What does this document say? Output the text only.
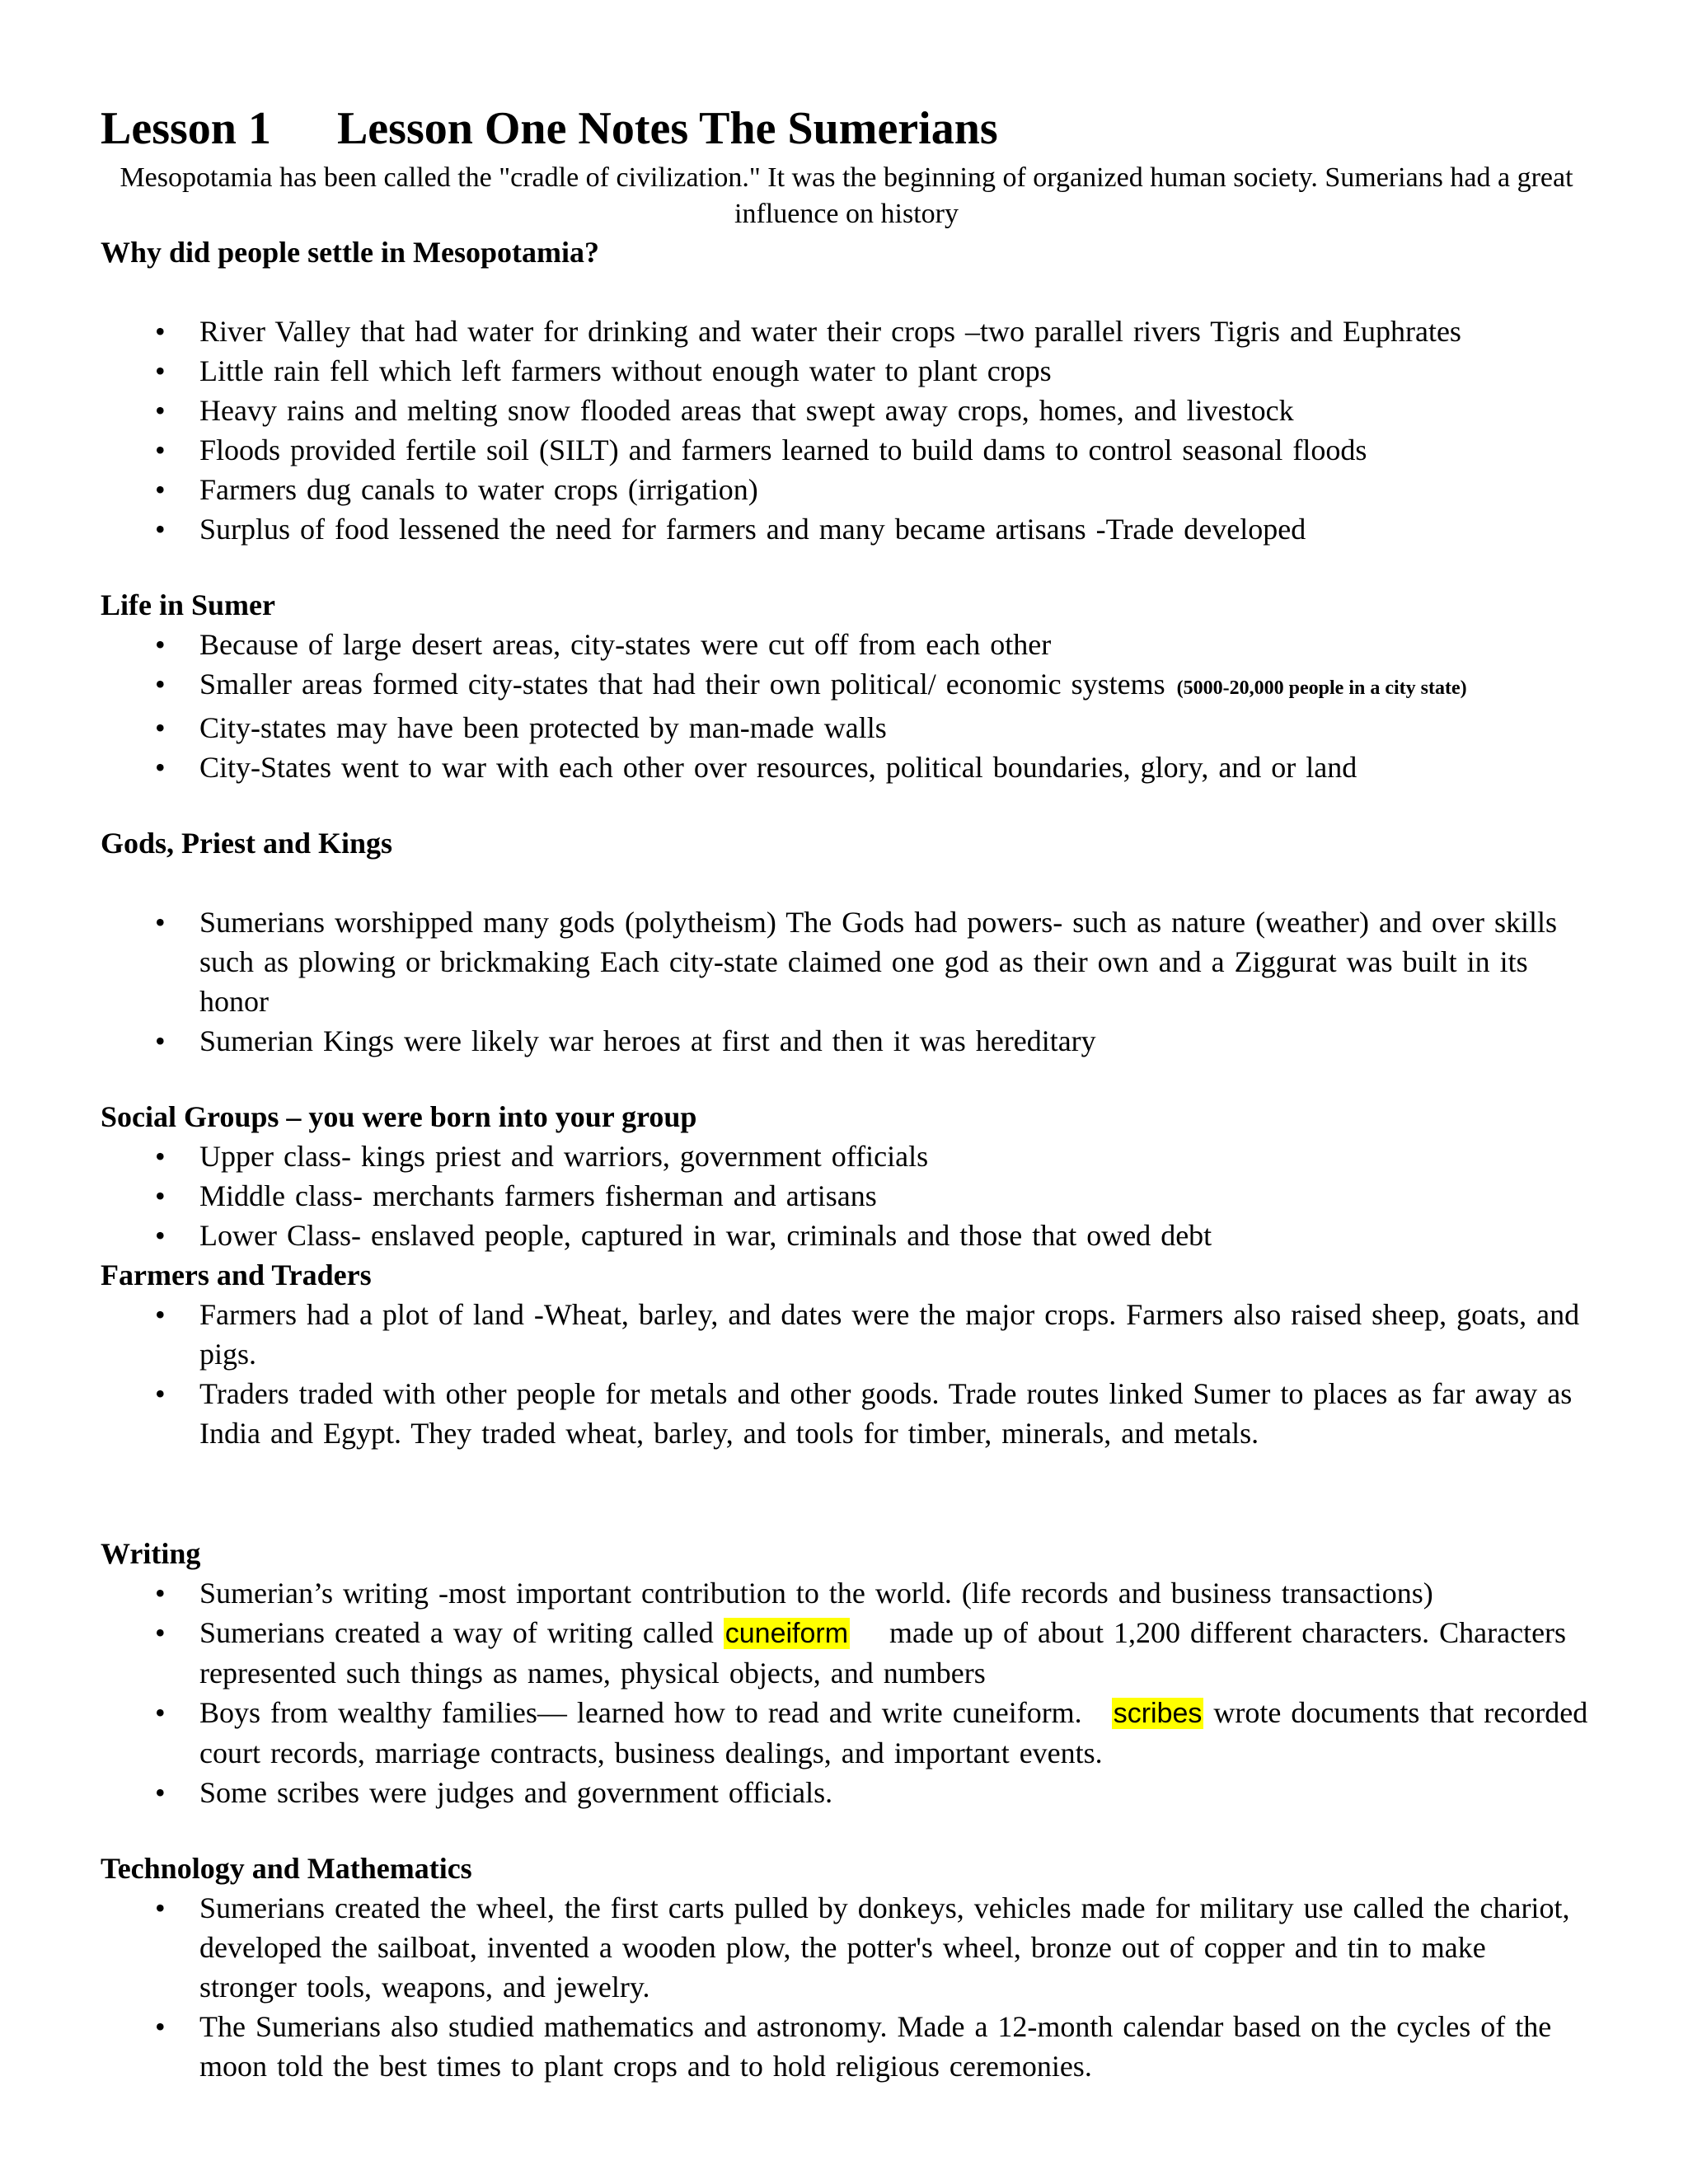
Lesson 1 Lesson One Notes The Sumerians

Mesopotamia has been called the "cradle of civilization." It was the beginning of organized human society. Sumerians had a great influence on history

Why did people settle in Mesopotamia?
• River Valley that had water for drinking and water their crops –two parallel rivers Tigris and Euphrates
• Little rain fell which left farmers without enough water to plant crops
• Heavy rains and melting snow flooded areas that swept away crops, homes, and livestock
• Floods provided fertile soil (SILT) and farmers learned to build dams to control seasonal floods
• Farmers dug canals to water crops (irrigation)
• Surplus of food lessened the need for farmers and many became artisans -Trade developed
Life in Sumer
• Because of large desert areas, city-states were cut off from each other
• Smaller areas formed city-states that had their own political/ economic systems (5000-20,000 people in a city state)
• City-states may have been protected by man-made walls
• City-States went to war with each other over resources, political boundaries, glory, and or land
Gods, Priest and Kings
• Sumerians worshipped many gods (polytheism) The Gods had powers- such as nature (weather) and over skills such as plowing or brickmaking Each city-state claimed one god as their own and a Ziggurat was built in its honor
• Sumerian Kings were likely war heroes at first and then it was hereditary
Social Groups – you were born into your group
• Upper class- kings priest and warriors, government officials
• Middle class- merchants farmers fisherman and artisans
• Lower Class- enslaved people, captured in war, criminals and those that owed debt
Farmers and Traders
• Farmers had a plot of land -Wheat, barley, and dates were the major crops. Farmers also raised sheep, goats, and pigs.
• Traders traded with other people for metals and other goods. Trade routes linked Sumer to places as far away as India and Egypt. They traded wheat, barley, and tools for timber, minerals, and metals.
Writing
• Sumerian’s writing -most important contribution to the world. (life records and business transactions)
• Sumerians created a way of writing called cuneiform made up of about 1,200 different characters. Characters represented such things as names, physical objects, and numbers
• Boys from wealthy families— learned how to read and write cuneiform. scribes wrote documents that recorded court records, marriage contracts, business dealings, and important events.
• Some scribes were judges and government officials.
Technology and Mathematics
• Sumerians created the wheel, the first carts pulled by donkeys, vehicles made for military use called the chariot, developed the sailboat, invented a wooden plow, the potter's wheel, bronze out of copper and tin to make stronger tools, weapons, and jewelry.
• The Sumerians also studied mathematics and astronomy. Made a 12-month calendar based on the cycles of the moon told the best times to plant crops and to hold religious ceremonies.
